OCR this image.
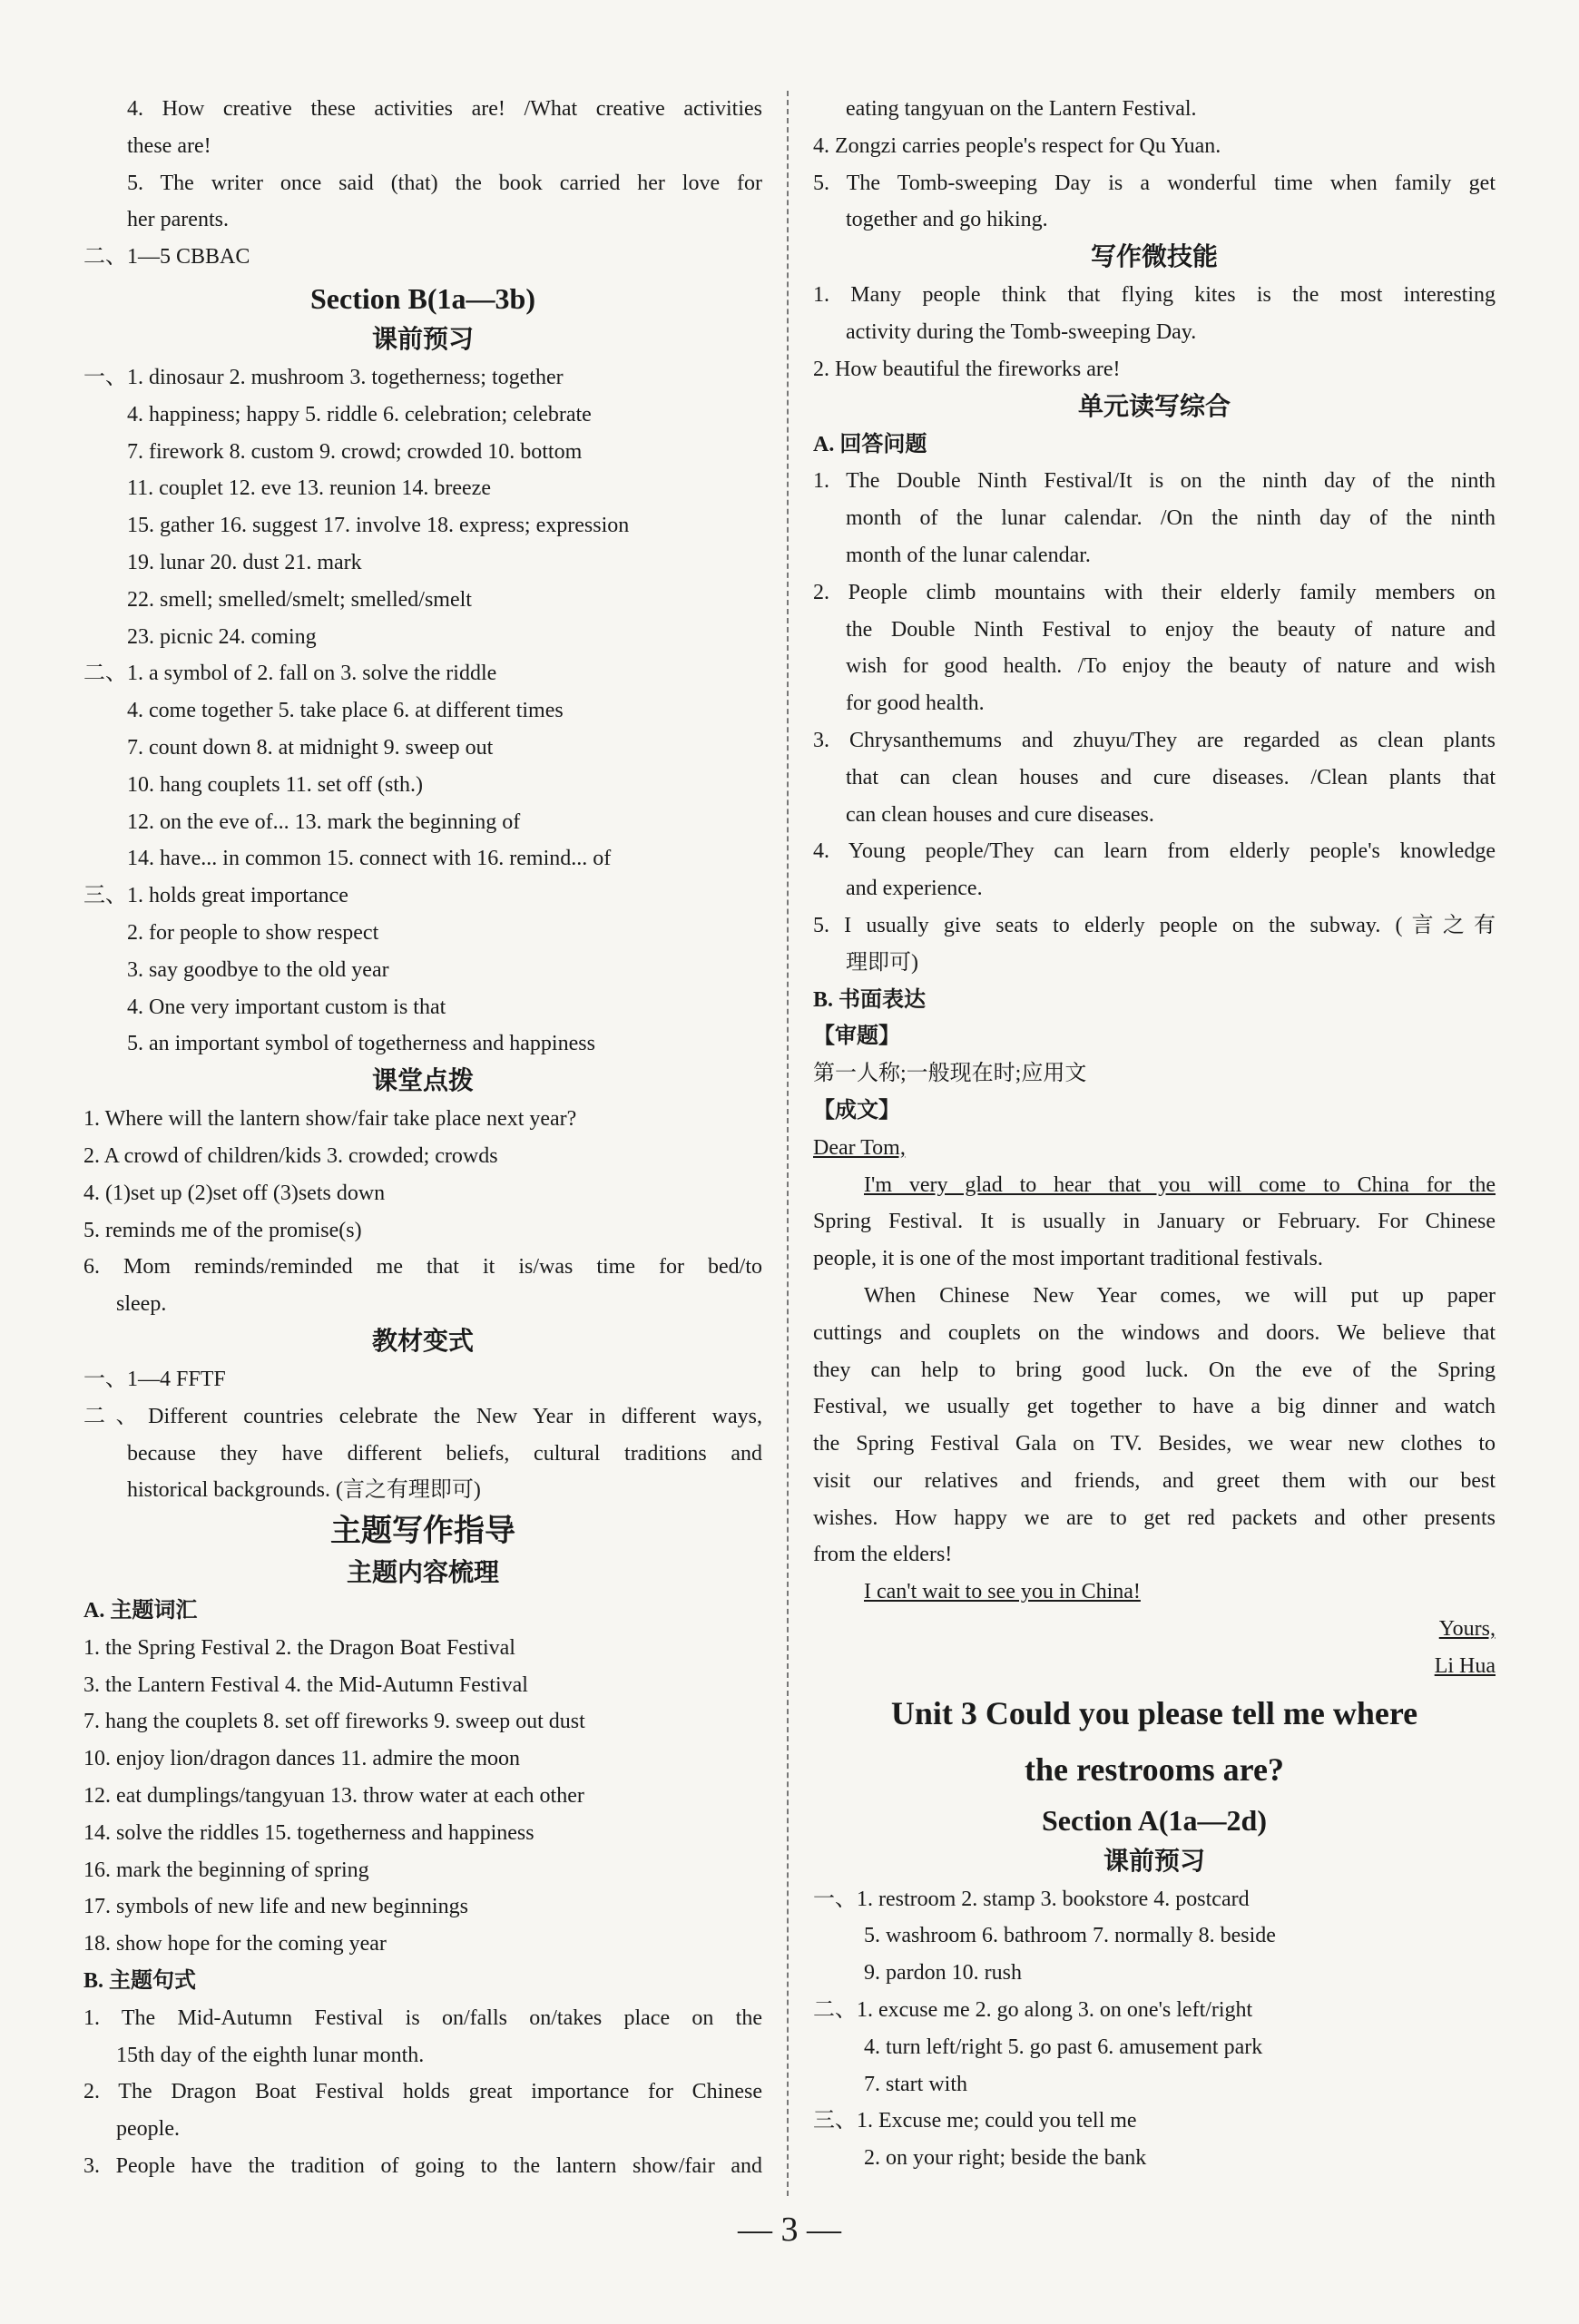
4. How creative these activities are! /What creative activities
these are!
5. The writer once said (that) the book carried her love for
her parents.
二、1—5 CBBAC
Section B(1a—3b)
课前预习
一、1. dinosaur 2. mushroom 3. togetherness; together
4. happiness; happy 5. riddle 6. celebration; celebrate
7. firework 8. custom 9. crowd; crowded 10. bottom
11. couplet 12. eve 13. reunion 14. breeze
15. gather 16. suggest 17. involve 18. express; expression
19. lunar 20. dust 21. mark
22. smell; smelled/smelt; smelled/smelt
23. picnic 24. coming
二、1. a symbol of 2. fall on 3. solve the riddle
4. come together 5. take place 6. at different times
7. count down 8. at midnight 9. sweep out
10. hang couplets 11. set off (sth.)
12. on the eve of... 13. mark the beginning of
14. have... in common 15. connect with 16. remind... of
三、1. holds great importance
2. for people to show respect
3. say goodbye to the old year
4. One very important custom is that
5. an important symbol of togetherness and happiness
课堂点拨
1. Where will the lantern show/fair take place next year?
2. A crowd of children/kids 3. crowded; crowds
4. (1)set up (2)set off (3)sets down
5. reminds me of the promise(s)
6. Mom reminds/reminded me that it is/was time for bed/to
sleep.
教材变式
一、1—4 FFTF
二、Different countries celebrate the New Year in different ways,
because they have different beliefs, cultural traditions and
historical backgrounds. (言之有理即可)
主题写作指导
主题内容梳理
A. 主题词汇
1. the Spring Festival 2. the Dragon Boat Festival
3. the Lantern Festival 4. the Mid-Autumn Festival
7. hang the couplets 8. set off fireworks 9. sweep out dust
10. enjoy lion/dragon dances 11. admire the moon
12. eat dumplings/tangyuan 13. throw water at each other
14. solve the riddles 15. togetherness and happiness
16. mark the beginning of spring
17. symbols of new life and new beginnings
18. show hope for the coming year
B. 主题句式
1. The Mid-Autumn Festival is on/falls on/takes place on the
15th day of the eighth lunar month.
2. The Dragon Boat Festival holds great importance for Chinese
people.
3. People have the tradition of going to the lantern show/fair and
eating tangyuan on the Lantern Festival.
4. Zongzi carries people's respect for Qu Yuan.
5. The Tomb-sweeping Day is a wonderful time when family get
together and go hiking.
写作微技能
1. Many people think that flying kites is the most interesting
activity during the Tomb-sweeping Day.
2. How beautiful the fireworks are!
单元读写综合
A. 回答问题
1. The Double Ninth Festival/It is on the ninth day of the ninth
month of the lunar calendar. /On the ninth day of the ninth
month of the lunar calendar.
2. People climb mountains with their elderly family members on
the Double Ninth Festival to enjoy the beauty of nature and
wish for good health. /To enjoy the beauty of nature and wish
for good health.
3. Chrysanthemums and zhuyu/They are regarded as clean plants
that can clean houses and cure diseases. /Clean plants that
can clean houses and cure diseases.
4. Young people/They can learn from elderly people's knowledge
and experience.
5. I usually give seats to elderly people on the subway. (言之有
理即可)
B. 书面表达
【审题】
第一人称;一般现在时;应用文
【成文】
Dear Tom,
I'm very glad to hear that you will come to China for the
Spring Festival. It is usually in January or February. For Chinese
people, it is one of the most important traditional festivals.
When Chinese New Year comes, we will put up paper
cuttings and couplets on the windows and doors. We believe that
they can help to bring good luck. On the eve of the Spring
Festival, we usually get together to have a big dinner and watch
the Spring Festival Gala on TV. Besides, we wear new clothes to
visit our relatives and friends, and greet them with our best
wishes. How happy we are to get red packets and other presents
from the elders!
I can't wait to see you in China!
Yours,
Li Hua
Unit 3 Could you please tell me where
the restrooms are?
Section A(1a—2d)
课前预习
一、1. restroom 2. stamp 3. bookstore 4. postcard
5. washroom 6. bathroom 7. normally 8. beside
9. pardon 10. rush
二、1. excuse me 2. go along 3. on one's left/right
4. turn left/right 5. go past 6. amusement park
7. start with
三、1. Excuse me; could you tell me
2. on your right; beside the bank
— 3 —
